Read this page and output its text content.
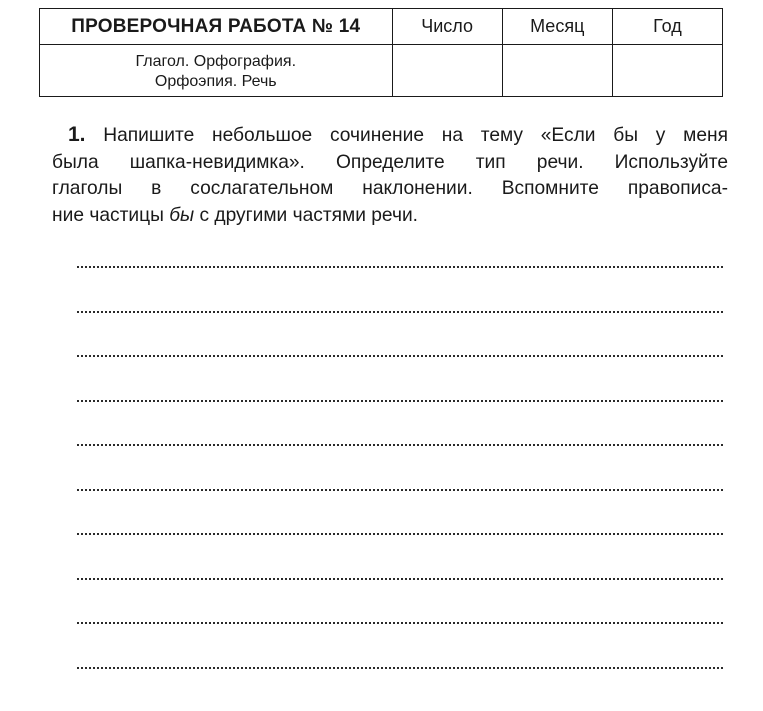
ПРОВЕРОЧНАЯ РАБОТА № 14	Число	Месяц	Год

Глагол. Орфография.
Орфоэпия. Речь			

1. Напишите небольшое сочинение на тему «Если бы у меня
была шапка-невидимка». Определите тип речи. Используйте
глаголы в сослагательном наклонении. Вспомните правописа-
ние частицы бы с другими частями речи.
